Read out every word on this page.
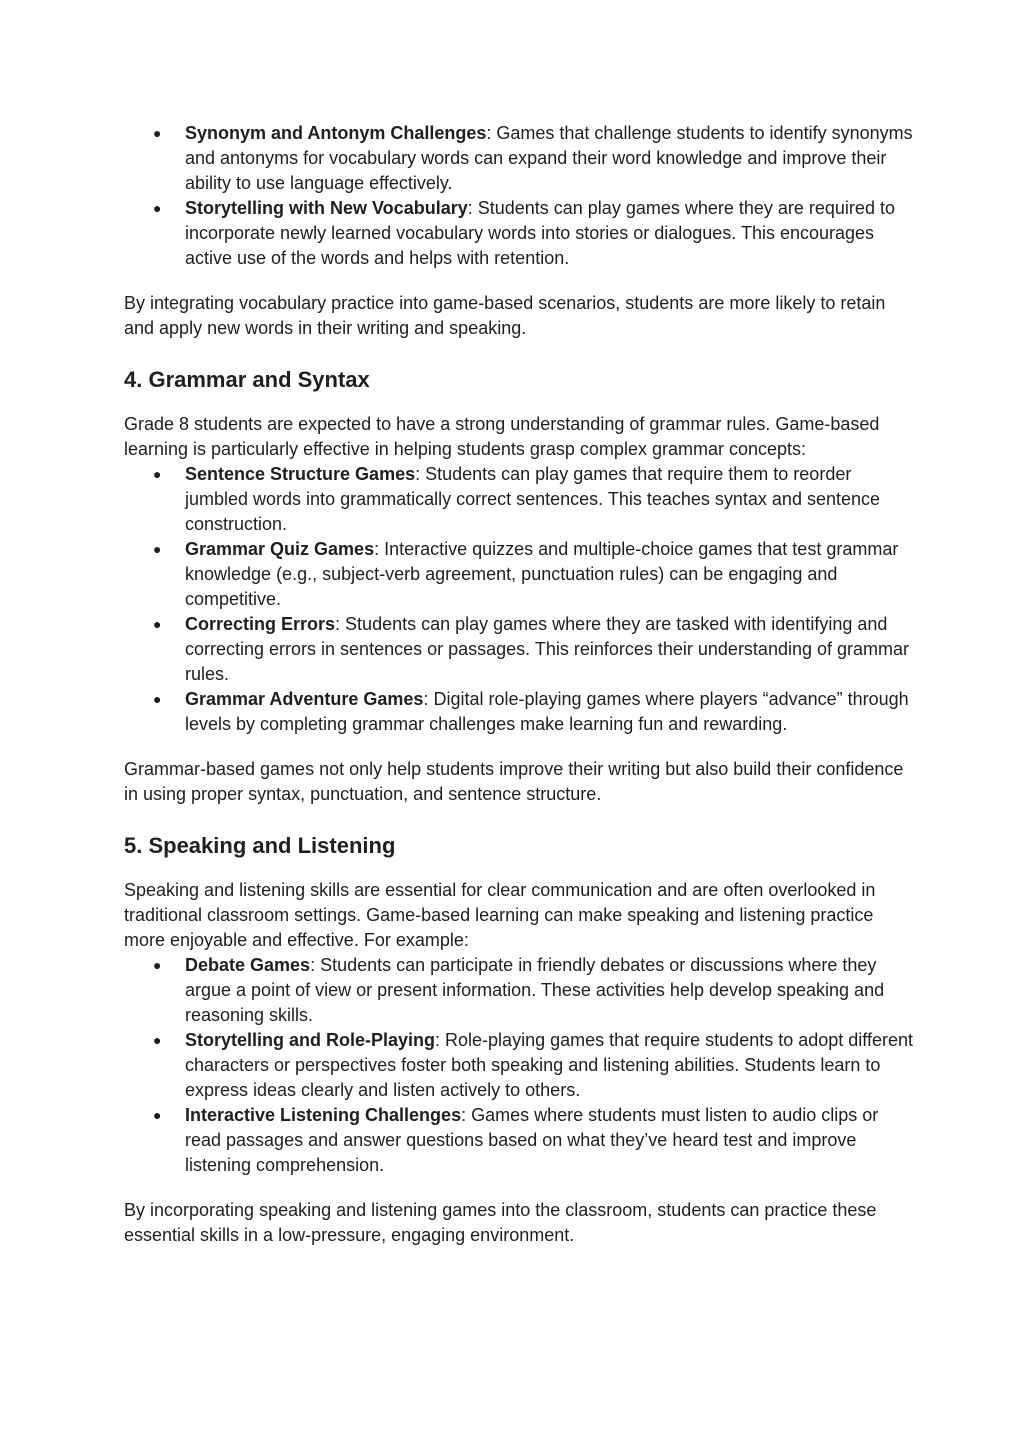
● Synonym and Antonym Challenges: Games that challenge students to identify synonyms and antonyms for vocabulary words can expand their word knowledge and improve their ability to use language effectively.
● Storytelling with New Vocabulary: Students can play games where they are required to incorporate newly learned vocabulary words into stories or dialogues. This encourages active use of the words and helps with retention.

By integrating vocabulary practice into game-based scenarios, students are more likely to retain and apply new words in their writing and speaking.

4. Grammar and Syntax

Grade 8 students are expected to have a strong understanding of grammar rules. Game-based learning is particularly effective in helping students grasp complex grammar concepts:

● Sentence Structure Games: Students can play games that require them to reorder jumbled words into grammatically correct sentences. This teaches syntax and sentence construction.
● Grammar Quiz Games: Interactive quizzes and multiple-choice games that test grammar knowledge (e.g., subject-verb agreement, punctuation rules) can be engaging and competitive.
● Correcting Errors: Students can play games where they are tasked with identifying and correcting errors in sentences or passages. This reinforces their understanding of grammar rules.
● Grammar Adventure Games: Digital role-playing games where players “advance” through levels by completing grammar challenges make learning fun and rewarding.

Grammar-based games not only help students improve their writing but also build their confidence in using proper syntax, punctuation, and sentence structure.

5. Speaking and Listening

Speaking and listening skills are essential for clear communication and are often overlooked in traditional classroom settings. Game-based learning can make speaking and listening practice more enjoyable and effective. For example:

● Debate Games: Students can participate in friendly debates or discussions where they argue a point of view or present information. These activities help develop speaking and reasoning skills.
● Storytelling and Role-Playing: Role-playing games that require students to adopt different characters or perspectives foster both speaking and listening abilities. Students learn to express ideas clearly and listen actively to others.
● Interactive Listening Challenges: Games where students must listen to audio clips or read passages and answer questions based on what they’ve heard test and improve listening comprehension.

By incorporating speaking and listening games into the classroom, students can practice these essential skills in a low-pressure, engaging environment.
